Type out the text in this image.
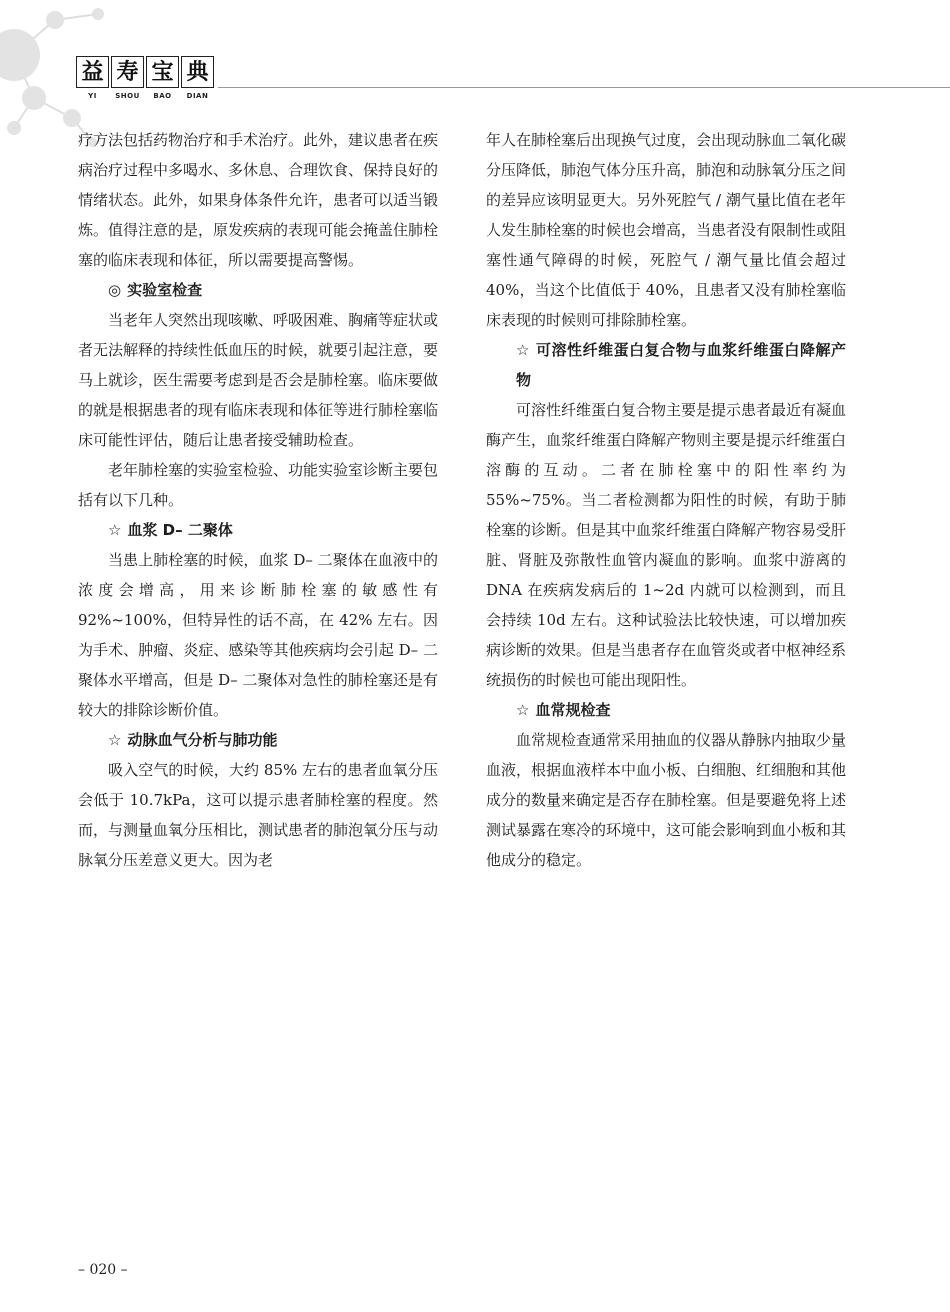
益 寿 宝 典
YI	SHOU	BAO	DIAN

疗方法包括药物治疗和手术治疗。此外，建议患者在疾病治疗过程中多喝水、多休息、合理饮食、保持良好的情绪状态。此外，如果身体条件允许，患者可以适当锻炼。值得注意的是，原发疾病的表现可能会掩盖住肺栓塞的临床表现和体征，所以需要提高警惕。

◎ 实验室检查

当老年人突然出现咳嗽、呼吸困难、胸痛等症状或者无法解释的持续性低血压的时候，就要引起注意，要马上就诊，医生需要考虑到是否会是肺栓塞。临床要做的就是根据患者的现有临床表现和体征等进行肺栓塞临床可能性评估，随后让患者接受辅助检查。

老年肺栓塞的实验室检验、功能实验室诊断主要包括有以下几种。

☆ 血浆 D– 二聚体

当患上肺栓塞的时候，血浆 D– 二聚体在血液中的浓度会增高，用来诊断肺栓塞的敏感性有 92%~100%，但特异性的话不高，在 42% 左右。因为手术、肿瘤、炎症、感染等其他疾病均会引起 D– 二聚体水平增高，但是 D– 二聚体对急性的肺栓塞还是有较大的排除诊断价值。

☆ 动脉血气分析与肺功能

吸入空气的时候，大约 85% 左右的患者血氧分压会低于 10.7kPa，这可以提示患者肺栓塞的程度。然而，与测量血氧分压相比，测试患者的肺泡氧分压与动脉氧分压差意义更大。因为老

年人在肺栓塞后出现换气过度，会出现动脉血二氧化碳分压降低，肺泡气体分压升高，肺泡和动脉氧分压之间的差异应该明显更大。另外死腔气 / 潮气量比值在老年人发生肺栓塞的时候也会增高，当患者没有限制性或阻塞性通气障碍的时候，死腔气 / 潮气量比值会超过 40%，当这个比值低于 40%，且患者又没有肺栓塞临床表现的时候则可排除肺栓塞。

☆ 可溶性纤维蛋白复合物与血浆纤维蛋白降解产物

可溶性纤维蛋白复合物主要是提示患者最近有凝血酶产生，血浆纤维蛋白降解产物则主要是提示纤维蛋白溶酶的互动。二者在肺栓塞中的阳性率约为 55%~75%。当二者检测都为阳性的时候，有助于肺栓塞的诊断。但是其中血浆纤维蛋白降解产物容易受肝脏、肾脏及弥散性血管内凝血的影响。血浆中游离的 DNA 在疾病发病后的 1~2d 内就可以检测到，而且会持续 10d 左右。这种试验法比较快速，可以增加疾病诊断的效果。但是当患者存在血管炎或者中枢神经系统损伤的时候也可能出现阳性。

☆ 血常规检查

血常规检查通常采用抽血的仪器从静脉内抽取少量血液，根据血液样本中血小板、白细胞、红细胞和其他成分的数量来确定是否存在肺栓塞。但是要避免将上述测试暴露在寒冷的环境中，这可能会影响到血小板和其他成分的稳定。

– 020 –
